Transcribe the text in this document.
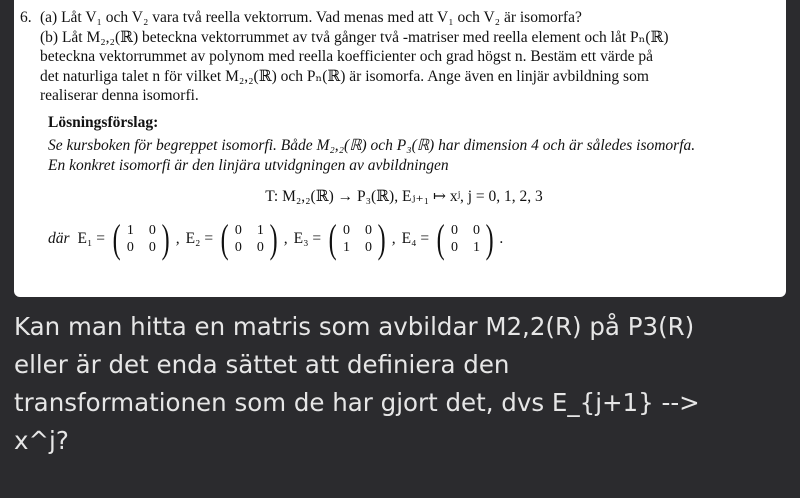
6. (a) Låt V₁ och V₂ vara två reella vektorrum. Vad menas med att V₁ och V₂ är isomorfa?
(b) Låt M₂,₂(ℝ) beteckna vektorrummet av två gånger två -matriser med reella element och låt Pₙ(ℝ)
beteckna vektorrummet av polynom med reella koefficienter och grad högst n. Bestäm ett värde på
det naturliga talet n för vilket M₂,₂(ℝ) och Pₙ(ℝ) är isomorfa. Ange även en linjär avbildning som
realiserar denna isomorfi.
Lösningsförslag:
Se kursboken för begreppet isomorfi. Både M₂,₂(ℝ) och P₃(ℝ) har dimension 4 och är således isomorfa.
En konkret isomorfi är den linjära utvidgningen av avbildningen
T: M₂,₂(ℝ) → P₃(ℝ), Eⱼ₊₁ ↦ xʲ, j = 0, 1, 2, 3
där E₁ = ( 1 0
0 0 ) , E₂ = ( 0 1
0 0 ) , E₃ = ( 0 0
1 0 ) , E₄ = ( 0 0
0 1 ) .
Kan man hitta en matris som avbildar M2,2(R) på P3(R)
eller är det enda sättet att definiera den
transformationen som de har gjort det, dvs E_{j+1} -->
x^j?
